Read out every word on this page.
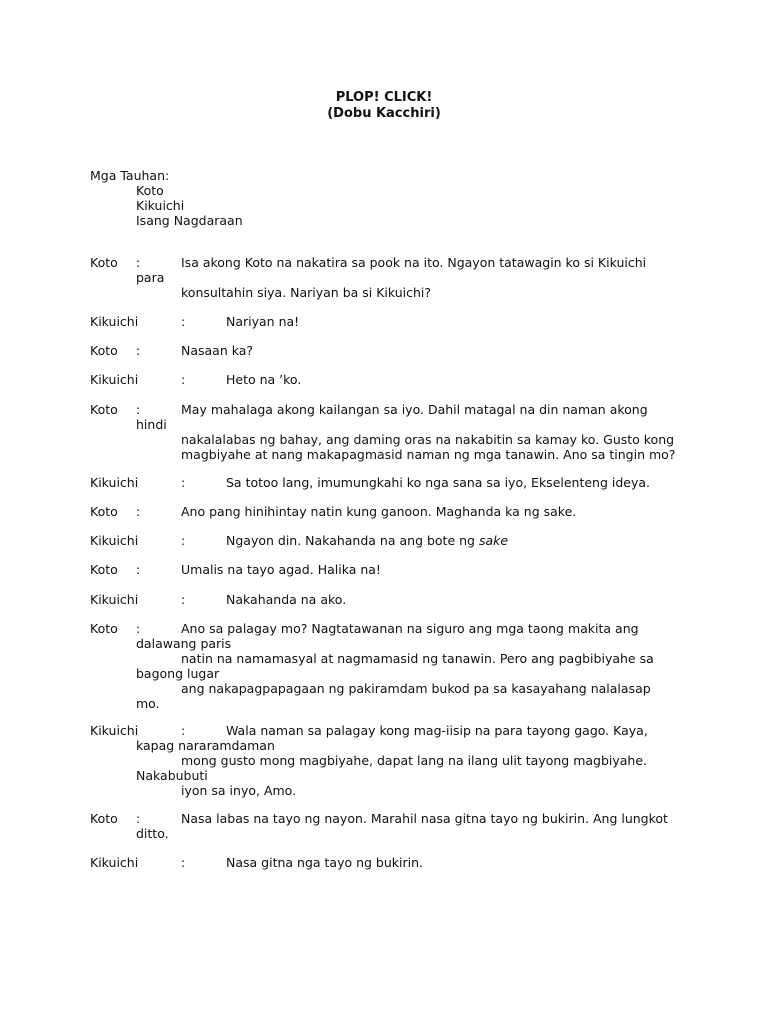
PLOP! CLICK!
(Dobu Kacchiri)
Mga Tauhan:
Koto
Kikuichi
Isang Nagdaraan
Koto :	Isa akong Koto na nakatira sa pook na ito. Ngayon tatawagin ko si Kikuichi
para
konsultahin siya. Nariyan ba si Kikuichi?
Kikuichi	:	Nariyan na!
Koto :	Nasaan ka?
Kikuichi	:	Heto na ’ko.
Koto :	May mahalaga akong kailangan sa iyo. Dahil matagal na din naman akong
hindi
nakalalabas ng bahay, ang daming oras na nakabitin sa kamay ko. Gusto kong
magbiyahe at nang makapagmasid naman ng mga tanawin. Ano sa tingin mo?
Kikuichi	:	Sa totoo lang, imumungkahi ko nga sana sa iyo, Ekselenteng ideya.
Koto :	Ano pang hinihintay natin kung ganoon. Maghanda ka ng sake.
Kikuichi	:	Ngayon din. Nakahanda na ang bote ng sake
Koto :	Umalis na tayo agad. Halika na!
Kikuichi	:	Nakahanda na ako.
Koto :	Ano sa palagay mo? Nagtatawanan na siguro ang mga taong makita ang
dalawang paris
natin na namamasyal at nagmamasid ng tanawin. Pero ang pagbibiyahe sa
bagong lugar
ang nakapagpapagaan ng pakiramdam bukod pa sa kasayahang nalalasap
mo.
Kikuichi	:	Wala naman sa palagay kong mag-iisip na para tayong gago. Kaya,
kapag nararamdaman
mong gusto mong magbiyahe, dapat lang na ilang ulit tayong magbiyahe.
Nakabubuti
iyon sa inyo, Amo.
Koto :	Nasa labas na tayo ng nayon. Marahil nasa gitna tayo ng bukirin. Ang lungkot
ditto.
Kikuichi	:	Nasa gitna nga tayo ng bukirin.
